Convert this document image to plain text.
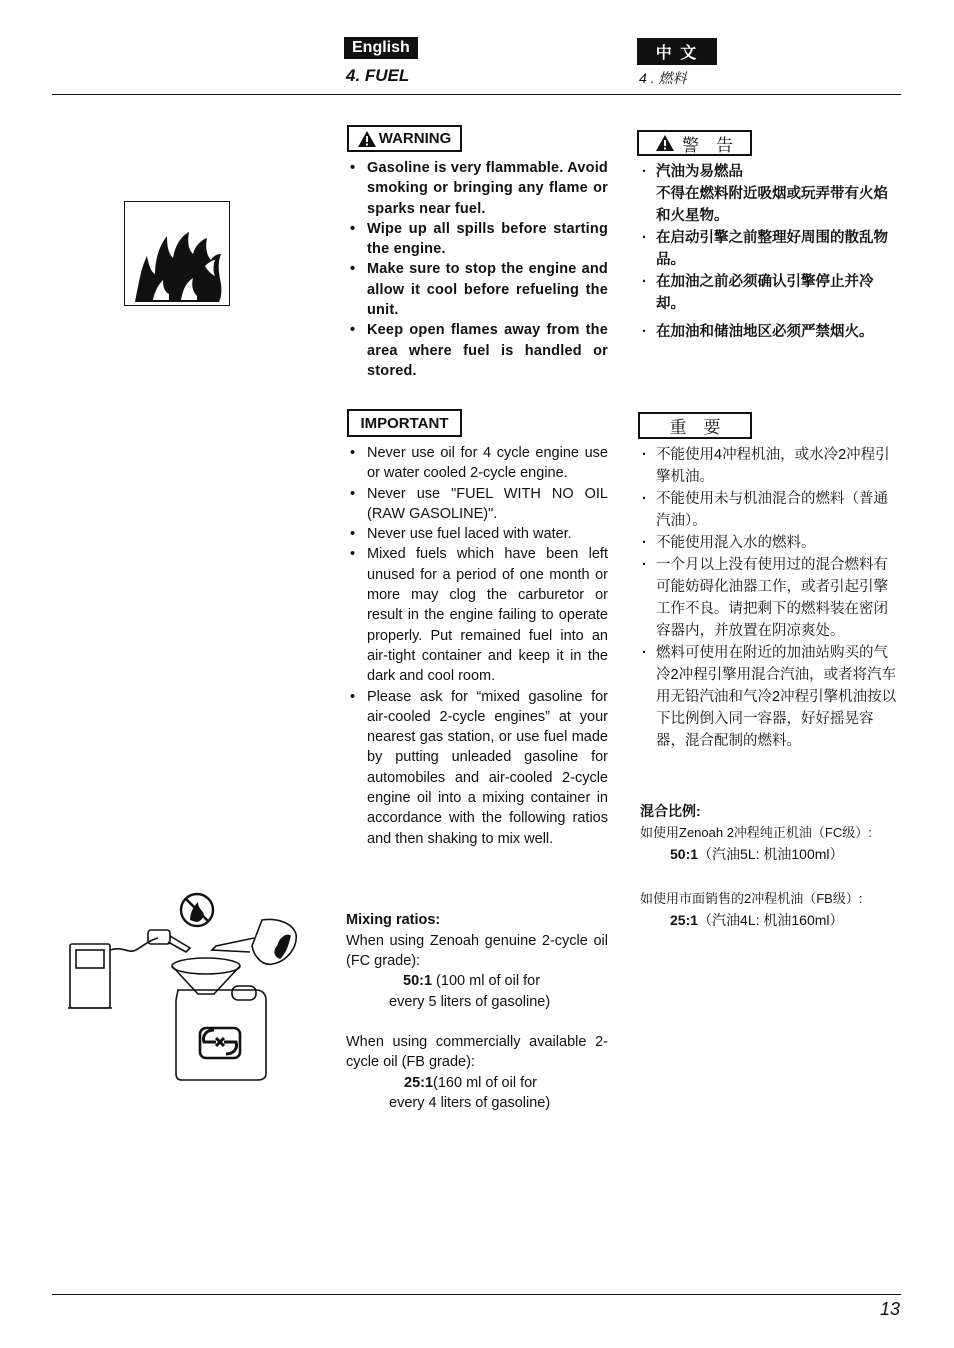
English
4. FUEL
中 文
4 . 燃料
WARNING
• Gasoline is very flammable. Avoid smoking or bringing any flame or sparks near fuel.
• Wipe up all spills before starting the engine.
• Make sure to stop the engine and allow it cool before refueling the unit.
• Keep open flames away from the area where fuel is handled or stored.
警　告
· 汽油为易燃品
不得在燃料附近吸烟或玩弄带有火焰和火星物。
· 在启动引擎之前整理好周围的散乱物品。
· 在加油之前必须确认引擎停止并冷却。
· 在加油和储油地区必须严禁烟火。
IMPORTANT
• Never use oil for 4 cycle engine use or water cooled 2-cycle engine.
• Never use "FUEL WITH NO OIL (RAW GASOLINE)".
• Never use fuel laced with water.
• Mixed fuels which have been left unused for a period of one month or more may clog the carburetor or result in the engine failing to operate properly. Put remained fuel into an air-tight container and keep it in the dark and cool room.
• Please ask for “mixed gasoline for air-cooled 2-cycle engines” at your nearest gas station, or use fuel made by putting unleaded gasoline for automobiles and air-cooled 2-cycle engine oil into a mixing container in accordance with the following ratios and then shaking to mix well.
重　要
· 不能使用4冲程机油，或水冷2冲程引擎机油。
· 不能使用未与机油混合的燃料（普通汽油）。
· 不能使用混入水的燃料。
· 一个月以上没有使用过的混合燃料有可能妨碍化油器工作，或者引起引擎工作不良。请把剩下的燃料装在密闭容器内，并放置在阴凉爽处。
· 燃料可使用在附近的加油站购买的气冷2冲程引擎用混合汽油，或者将汽车用无铅汽油和气冷2冲程引擎机油按以下比例倒入同一容器，好好摇晃容器，混合配制的燃料。
Mixing ratios:
When using Zenoah genuine 2-cycle oil (FC grade):
50:1 (100 ml of oil for
every 5 liters of gasoline)
When using commercially available 2-cycle oil (FB grade):
25:1(160 ml of oil for
every 4 liters of gasoline)
混合比例:
如使用Zenoah 2冲程纯正机油（FC级）:
50:1（汽油5L: 机油100ml）
如使用市面销售的2冲程机油（FB级）:
25:1（汽油4L: 机油160ml）
13
